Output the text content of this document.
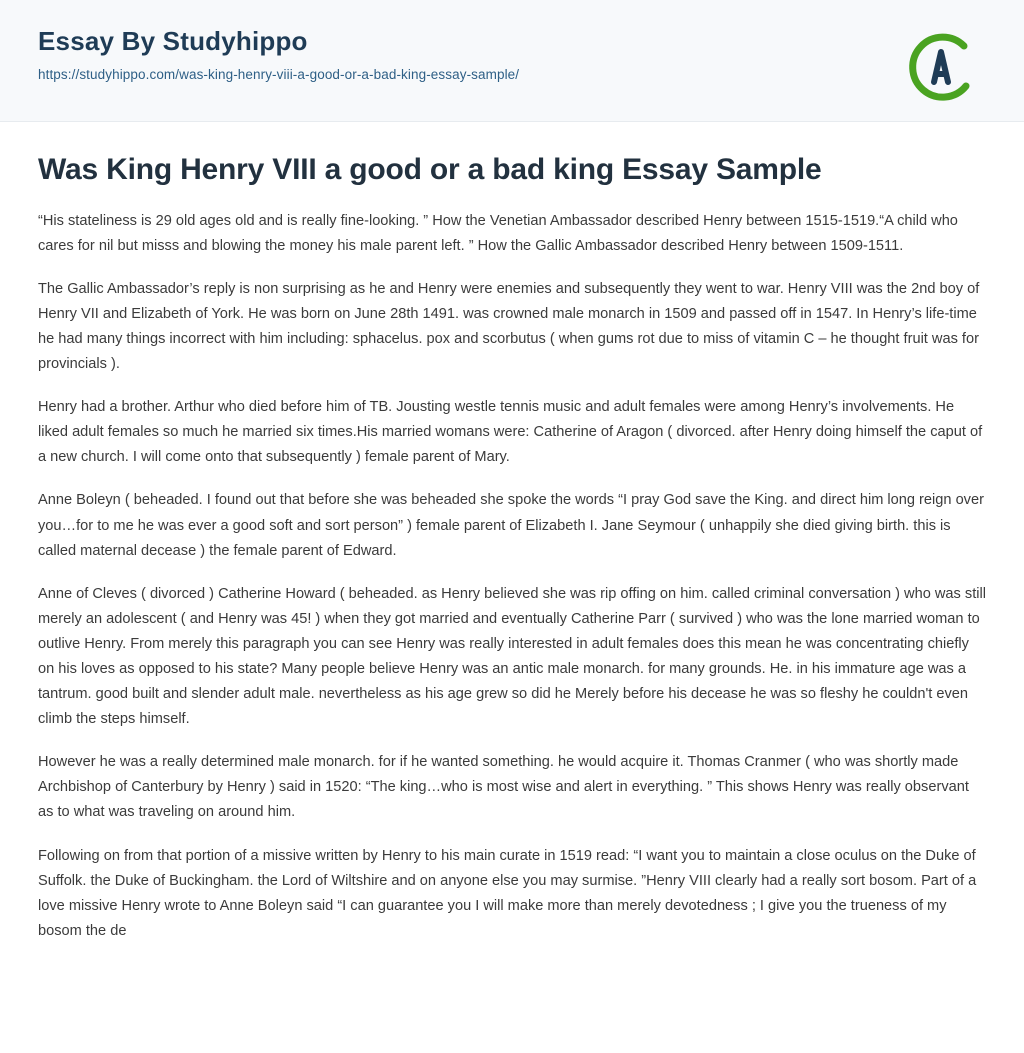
Essay By Studyhippo
https://studyhippo.com/was-king-henry-viii-a-good-or-a-bad-king-essay-sample/
Was King Henry VIII a good or a bad king Essay Sample

“His stateliness is 29 old ages old and is really fine-looking. ” How the Venetian Ambassador described Henry between 1515-1519.“A child who cares for nil but misss and blowing the money his male parent left. ” How the Gallic Ambassador described Henry between 1509-1511.

The Gallic Ambassador’s reply is non surprising as he and Henry were enemies and subsequently they went to war. Henry VIII was the 2nd boy of Henry VII and Elizabeth of York. He was born on June 28th 1491. was crowned male monarch in 1509 and passed off in 1547. In Henry’s life-time he had many things incorrect with him including: sphacelus. pox and scorbutus ( when gums rot due to miss of vitamin C – he thought fruit was for provincials ).

Henry had a brother. Arthur who died before him of TB. Jousting westle tennis music and adult females were among Henry’s involvements. He liked adult females so much he married six times.His married womans were: Catherine of Aragon ( divorced. after Henry doing himself the caput of a new church. I will come onto that subsequently ) female parent of Mary.

Anne Boleyn ( beheaded. I found out that before she was beheaded she spoke the words “I pray God save the King. and direct him long reign over you…for to me he was ever a good soft and sort person” ) female parent of Elizabeth I. Jane Seymour ( unhappily she died giving birth. this is called maternal decease ) the female parent of Edward.

Anne of Cleves ( divorced ) Catherine Howard ( beheaded. as Henry believed she was rip offing on him. called criminal conversation ) who was still merely an adolescent ( and Henry was 45! ) when they got married and eventually Catherine Parr ( survived ) who was the lone married woman to outlive Henry. From merely this paragraph you can see Henry was really interested in adult females does this mean he was concentrating chiefly on his loves as opposed to his state? Many people believe Henry was an antic male monarch. for many grounds. He. in his immature age was a tantrum. good built and slender adult male. nevertheless as his age grew so did he Merely before his decease he was so fleshy he couldn't even climb the steps himself.

However he was a really determined male monarch. for if he wanted something. he would acquire it. Thomas Cranmer ( who was shortly made Archbishop of Canterbury by Henry ) said in 1520: “The king…who is most wise and alert in everything. ” This shows Henry was really observant as to what was traveling on around him.

Following on from that portion of a missive written by Henry to his main curate in 1519 read: “I want you to maintain a close oculus on the Duke of Suffolk. the Duke of Buckingham. the Lord of Wiltshire and on anyone else you may surmise. ”Henry VIII clearly had a really sort bosom. Part of a love missive Henry wrote to Anne Boleyn said “I can guarantee you I will make more than merely devotedness ; I give you the trueness of my bosom the de
